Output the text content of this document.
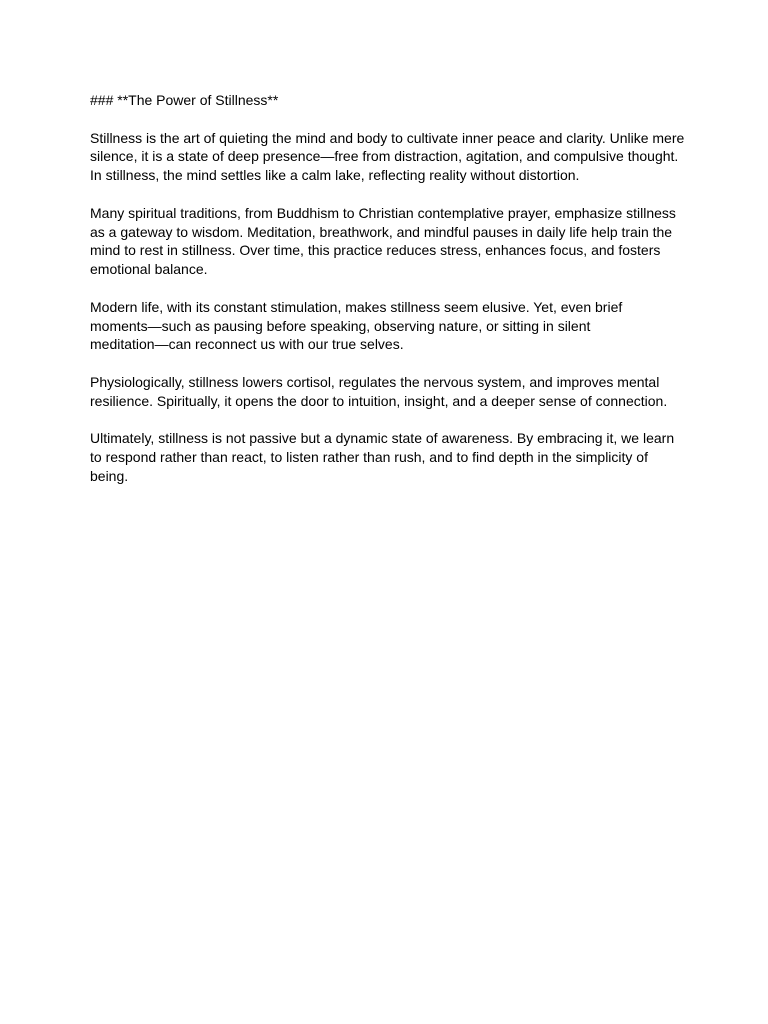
### **The Power of Stillness**
Stillness is the art of quieting the mind and body to cultivate inner peace and clarity. Unlike mere
silence, it is a state of deep presence—free from distraction, agitation, and compulsive thought.
In stillness, the mind settles like a calm lake, reflecting reality without distortion.
Many spiritual traditions, from Buddhism to Christian contemplative prayer, emphasize stillness
as a gateway to wisdom. Meditation, breathwork, and mindful pauses in daily life help train the
mind to rest in stillness. Over time, this practice reduces stress, enhances focus, and fosters
emotional balance.
Modern life, with its constant stimulation, makes stillness seem elusive. Yet, even brief
moments—such as pausing before speaking, observing nature, or sitting in silent
meditation—can reconnect us with our true selves.
Physiologically, stillness lowers cortisol, regulates the nervous system, and improves mental
resilience. Spiritually, it opens the door to intuition, insight, and a deeper sense of connection.
Ultimately, stillness is not passive but a dynamic state of awareness. By embracing it, we learn
to respond rather than react, to listen rather than rush, and to find depth in the simplicity of
being.
